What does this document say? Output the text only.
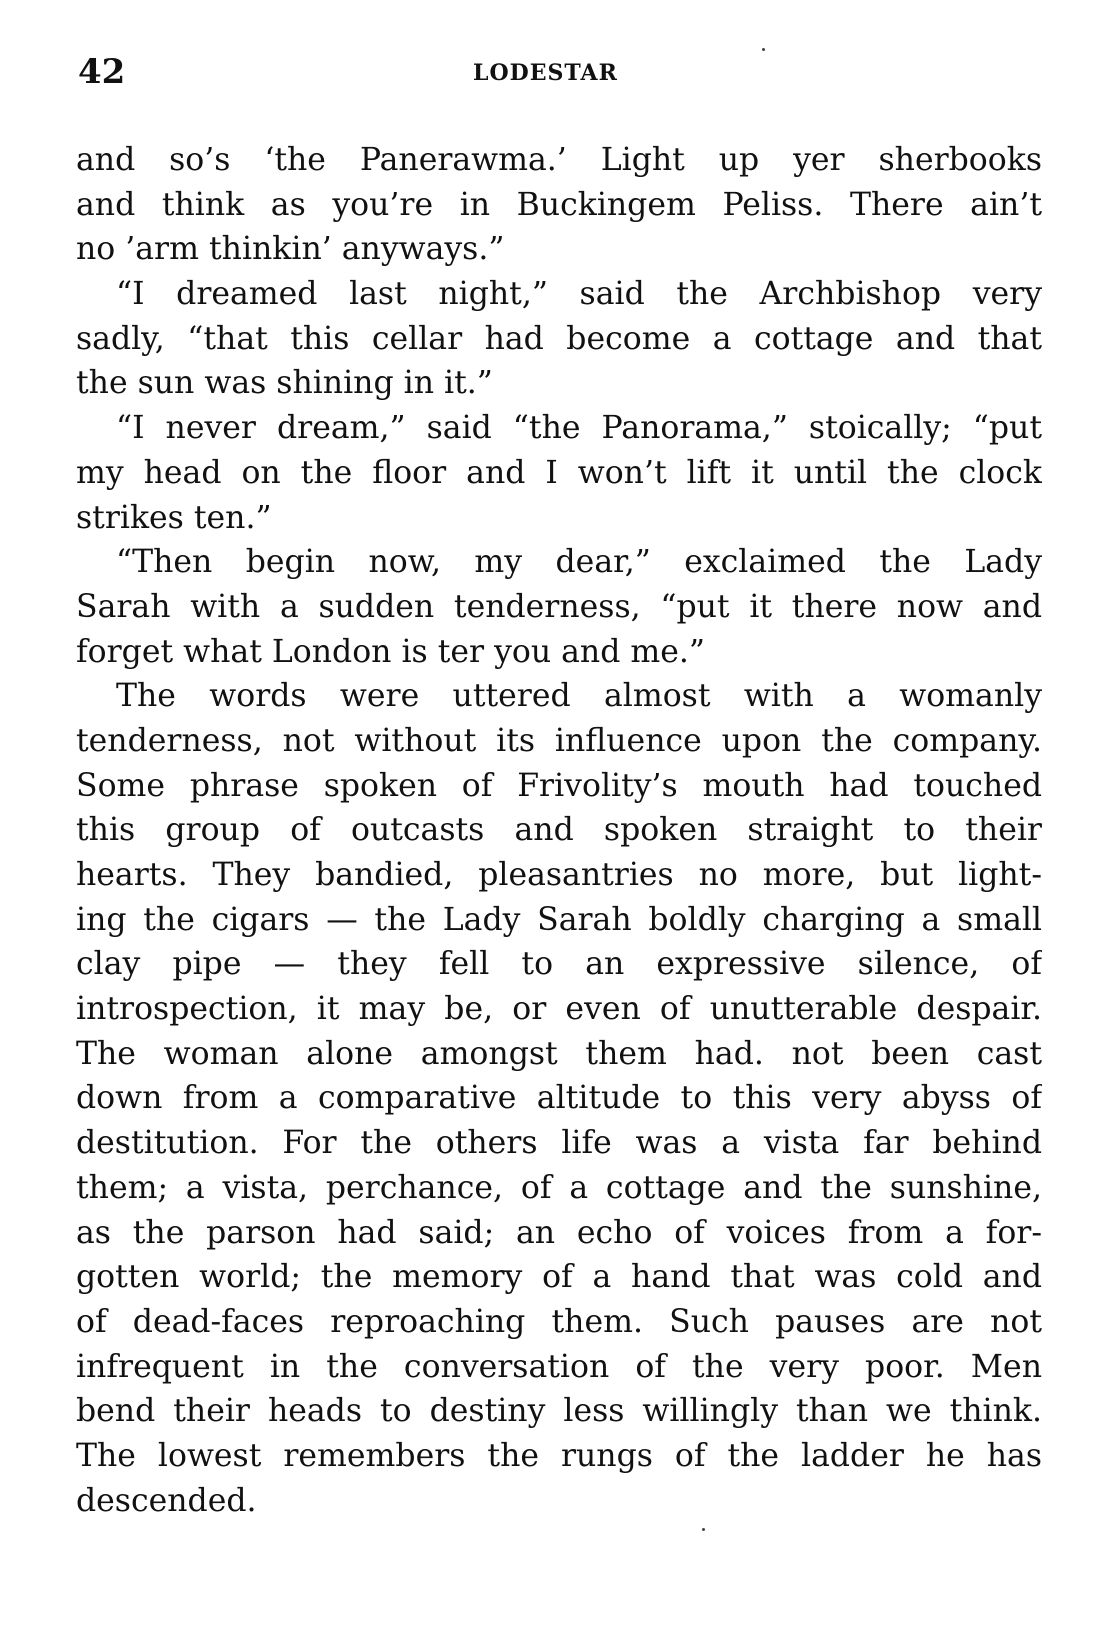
42	LODESTAR
and so’s ‘the Panerawma.’ Light up yer sherbooks
and think as you’re in Buckingem Peliss. There ain’t
no ’arm thinkin’ anyways.”
“I dreamed last night,” said the Archbishop very
sadly, “that this cellar had become a cottage and that
the sun was shining in it.”
“I never dream,” said “the Panorama,” stoically; “put
my head on the floor and I won’t lift it until the clock
strikes ten.”
“Then begin now, my dear,” exclaimed the Lady
Sarah with a sudden tenderness, “put it there now and
forget what London is ter you and me.”
The words were uttered almost with a womanly
tenderness, not without its influence upon the company.
Some phrase spoken of Frivolity’s mouth had touched
this group of outcasts and spoken straight to their
hearts. They bandied, pleasantries no more, but light-
ing the cigars — the Lady Sarah boldly charging a small
clay pipe — they fell to an expressive silence, of
introspection, it may be, or even of unutterable despair.
The woman alone amongst them had. not been cast
down from a comparative altitude to this very abyss of
destitution. For the others life was a vista far behind
them; a vista, perchance, of a cottage and the sunshine,
as the parson had said; an echo of voices from a for-
gotten world; the memory of a hand that was cold and
of dead-faces reproaching them. Such pauses are not
infrequent in the conversation of the very poor. Men
bend their heads to destiny less willingly than we think.
The lowest remembers the rungs of the ladder he has
descended.
